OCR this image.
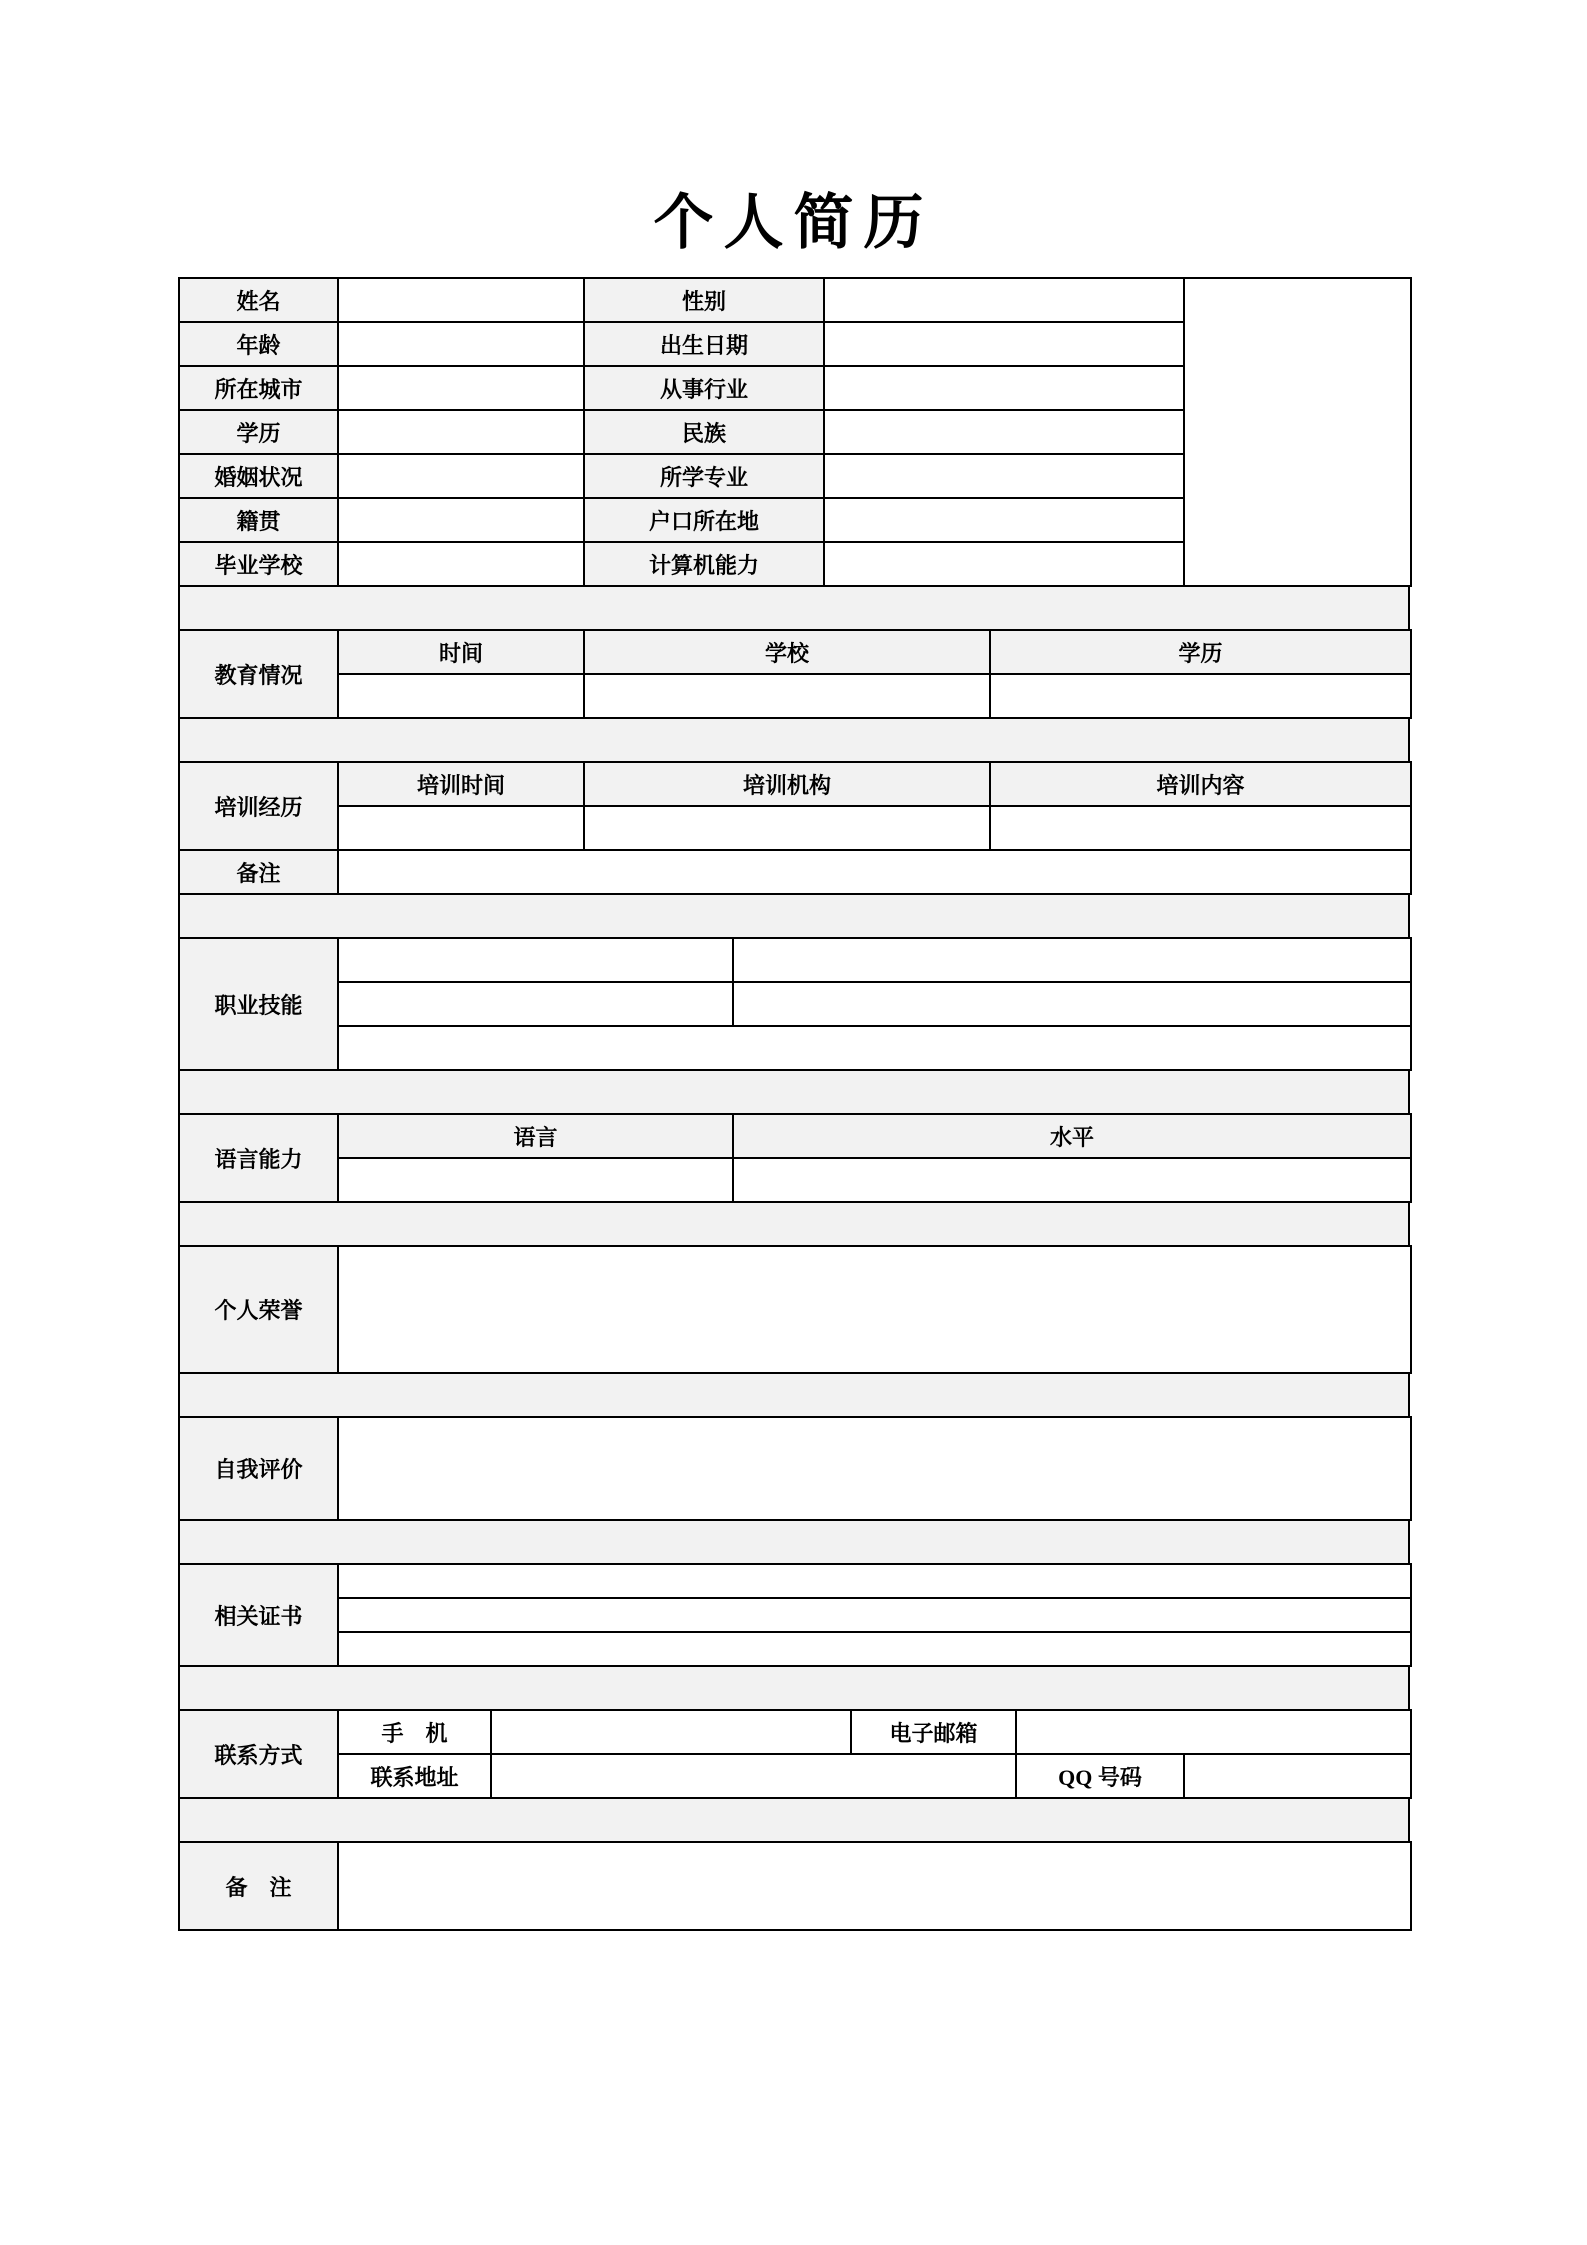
个人简历
姓名		性别		
年龄		出生日期		
所在城市		从事行业		
学历		民族		
婚姻状况		所学专业		
籍贯		户口所在地		
毕业学校		计算机能力		
教育情况	时间	学校	学历

培训经历	培训时间	培训机构	培训内容

备注			
职业技能		

语言能力	语言	水平

个人荣誉	
自我评价	
相关证书	

联系方式	手　机		电子邮箱		
	联系地址			QQ 号码	
备　注	
